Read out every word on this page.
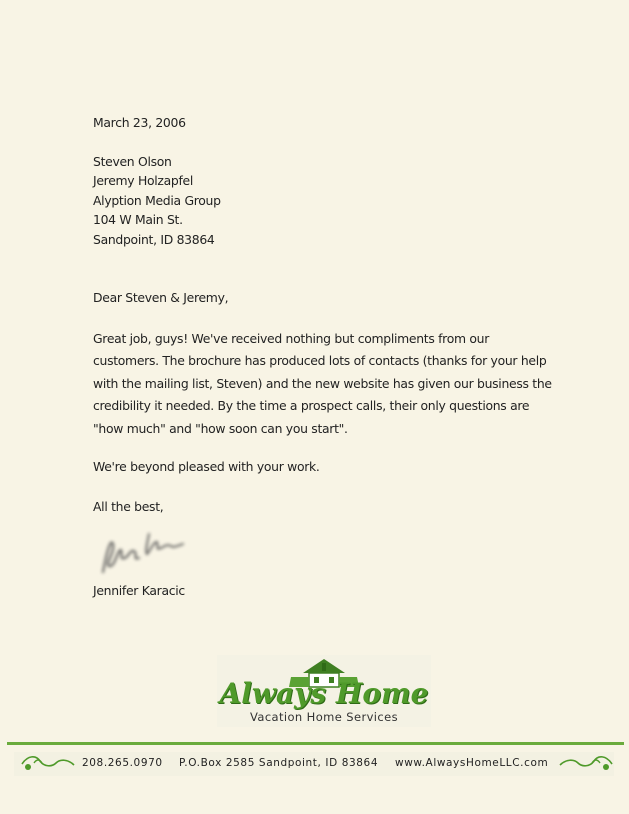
March 23, 2006
Steven Olson
Jeremy Holzapfel
Alyption Media Group
104 W Main St.
Sandpoint, ID 83864
Dear Steven & Jeremy,
Great job, guys! We've received nothing but compliments from our customers. The brochure has produced lots of contacts (thanks for your help with the mailing list, Steven) and the new website has given our business the credibility it needed. By the time a prospect calls, their only questions are "how much" and "how soon can you start".
We're beyond pleased with your work.
All the best,
Jennifer Karacic
Always Home
Vacation Home Services
208.265.0970 P.O.Box 2585 Sandpoint, ID 83864 www.AlwaysHomeLLC.com
